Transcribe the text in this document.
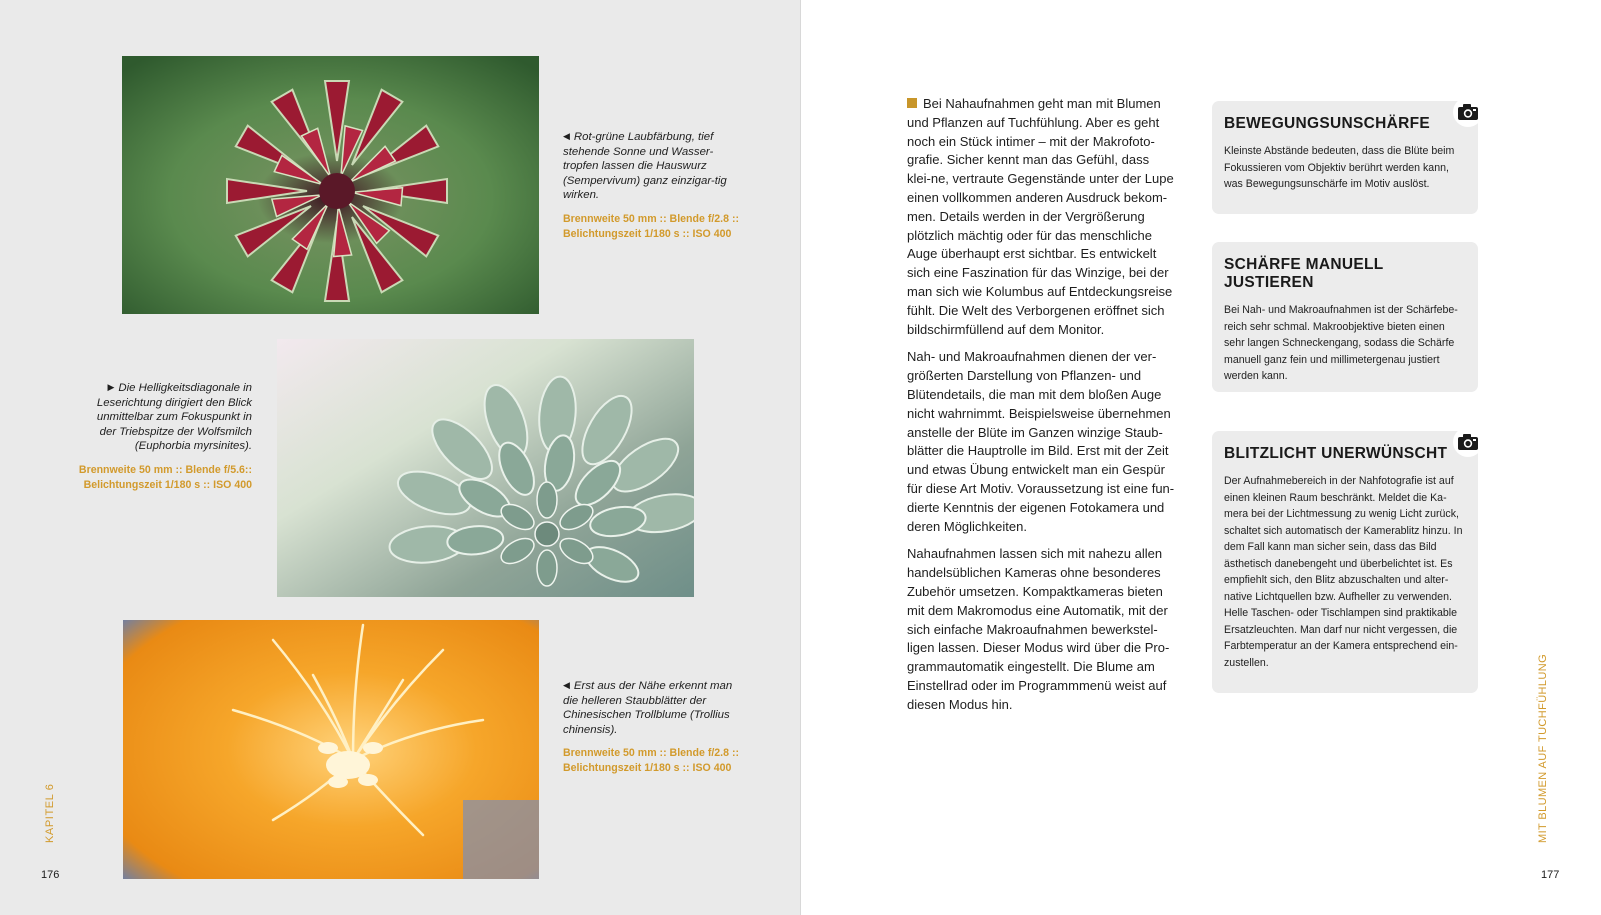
◀ Rot-grüne Laubfärbung, tief stehende Sonne und Wasser-tropfen lassen die Hauswurz (Sempervivum) ganz einzigar-tig wirken.
Brennweite 50 mm :: Blende f/2.8 ::
Belichtungszeit 1/180 s :: ISO 400
▶ Die Helligkeitsdiagonale in Leserichtung dirigiert den Blick unmittelbar zum Fokuspunkt in der Triebspitze der Wolfsmilch (Euphorbia myrsinites).
Brennweite 50 mm :: Blende f/5.6::
Belichtungszeit 1/180 s :: ISO 400
◀ Erst aus der Nähe erkennt man die helleren Staubblätter der Chinesischen Trollblume (Trollius chinensis).
Brennweite 50 mm :: Blende f/2.8 ::
Belichtungszeit 1/180 s :: ISO 400
KAPITEL 6
176

Bei Nahaufnahmen geht man mit Blumen und Pflanzen auf Tuchfühlung. Aber es geht noch ein Stück intimer – mit der Makrofoto-grafie. Sicher kennt man das Gefühl, dass klei-ne, vertraute Gegenstände unter der Lupe einen vollkommen anderen Ausdruck bekom-men. Details werden in der Vergrößerung plötzlich mächtig oder für das menschliche Auge überhaupt erst sichtbar. Es entwickelt sich eine Faszination für das Winzige, bei der man sich wie Kolumbus auf Entdeckungsreise fühlt. Die Welt des Verborgenen eröffnet sich bildschirmfüllend auf dem Monitor.

Nah- und Makroaufnahmen dienen der ver-größerten Darstellung von Pflanzen- und Blütendetails, die man mit dem bloßen Auge nicht wahrnimmt. Beispielsweise übernehmen anstelle der Blüte im Ganzen winzige Staub-blätter die Hauptrolle im Bild. Erst mit der Zeit und etwas Übung entwickelt man ein Gespür für diese Art Motiv. Voraussetzung ist eine fun-dierte Kenntnis der eigenen Fotokamera und deren Möglichkeiten.

Nahaufnahmen lassen sich mit nahezu allen handelsüblichen Kameras ohne besonderes Zubehör umsetzen. Kompaktkameras bieten mit dem Makromodus eine Automatik, mit der sich einfache Makroaufnahmen bewerkstel-ligen lassen. Dieser Modus wird über die Pro-grammautomatik eingestellt. Die Blume am Einstellrad oder im Programmmenü weist auf diesen Modus hin.

BEWEGUNGSUNSCHÄRFE

Kleinste Abstände bedeuten, dass die Blüte beim Fokussieren vom Objektiv berührt werden kann, was Bewegungsunschärfe im Motiv auslöst.

SCHÄRFE MANUELL JUSTIEREN

Bei Nah- und Makroaufnahmen ist der Schärfebe-reich sehr schmal. Makroobjektive bieten einen sehr langen Schneckengang, sodass die Schärfe manuell ganz fein und millimetergenau justiert werden kann.

BLITZLICHT UNERWÜNSCHT

Der Aufnahmebereich in der Nahfotografie ist auf einen kleinen Raum beschränkt. Meldet die Ka-mera bei der Lichtmessung zu wenig Licht zurück, schaltet sich automatisch der Kamerablitz hinzu. In dem Fall kann man sicher sein, dass das Bild ästhetisch danebengeht und überbelichtet ist. Es empfiehlt sich, den Blitz abzuschalten und alter-native Lichtquellen bzw. Aufheller zu verwenden. Helle Taschen- oder Tischlampen sind praktikable Ersatzleuchten. Man darf nur nicht vergessen, die Farbtemperatur an der Kamera entsprechend ein-zustellen.	MIT BLUMEN AUF TUCHFÜHLUNG
177
